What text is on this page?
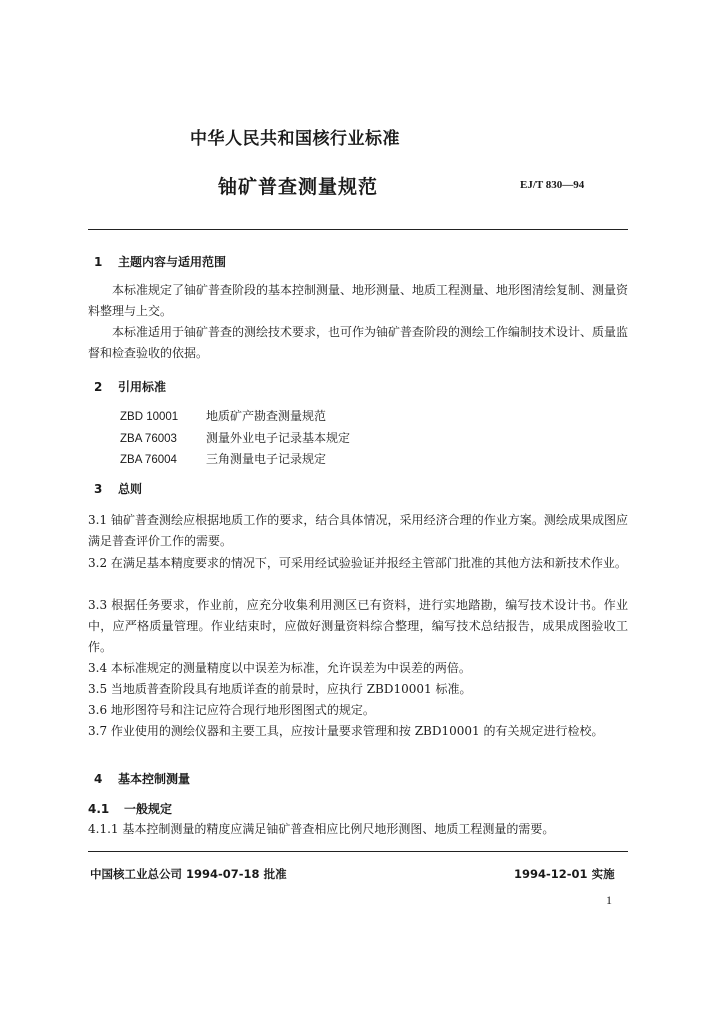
中华人民共和国核行业标准
铀矿普查测量规范	EJ/T 830—94
1 主题内容与适用范围
本标准规定了铀矿普查阶段的基本控制测量、地形测量、地质工程测量、地形图清绘复制、测量资料整理与上交。
本标准适用于铀矿普查的测绘技术要求，也可作为铀矿普查阶段的测绘工作编制技术设计、质量监督和检查验收的依据。
2 引用标准
ZBD 10001 地质矿产勘查测量规范
ZBA 76003 测量外业电子记录基本规定
ZBA 76004 三角测量电子记录规定
3 总则
3.1 铀矿普查测绘应根据地质工作的要求，结合具体情况，采用经济合理的作业方案。测绘成果成图应满足普查评价工作的需要。
3.2 在满足基本精度要求的情况下，可采用经试验验证并报经主管部门批准的其他方法和新技术作业。
3.3 根据任务要求，作业前，应充分收集利用测区已有资料，进行实地踏勘，编写技术设计书。作业中，应严格质量管理。作业结束时，应做好测量资料综合整理，编写技术总结报告，成果成图验收工作。
3.4 本标准规定的测量精度以中误差为标准，允许误差为中误差的两倍。
3.5 当地质普查阶段具有地质详查的前景时，应执行 ZBD10001 标准。
3.6 地形图符号和注记应符合现行地形图图式的规定。
3.7 作业使用的测绘仪器和主要工具，应按计量要求管理和按 ZBD10001 的有关规定进行检校。
4 基本控制测量
4.1 一般规定
4.1.1 基本控制测量的精度应满足铀矿普查相应比例尺地形测图、地质工程测量的需要。
中国核工业总公司 1994-07-18 批准	1994-12-01 实施
1
